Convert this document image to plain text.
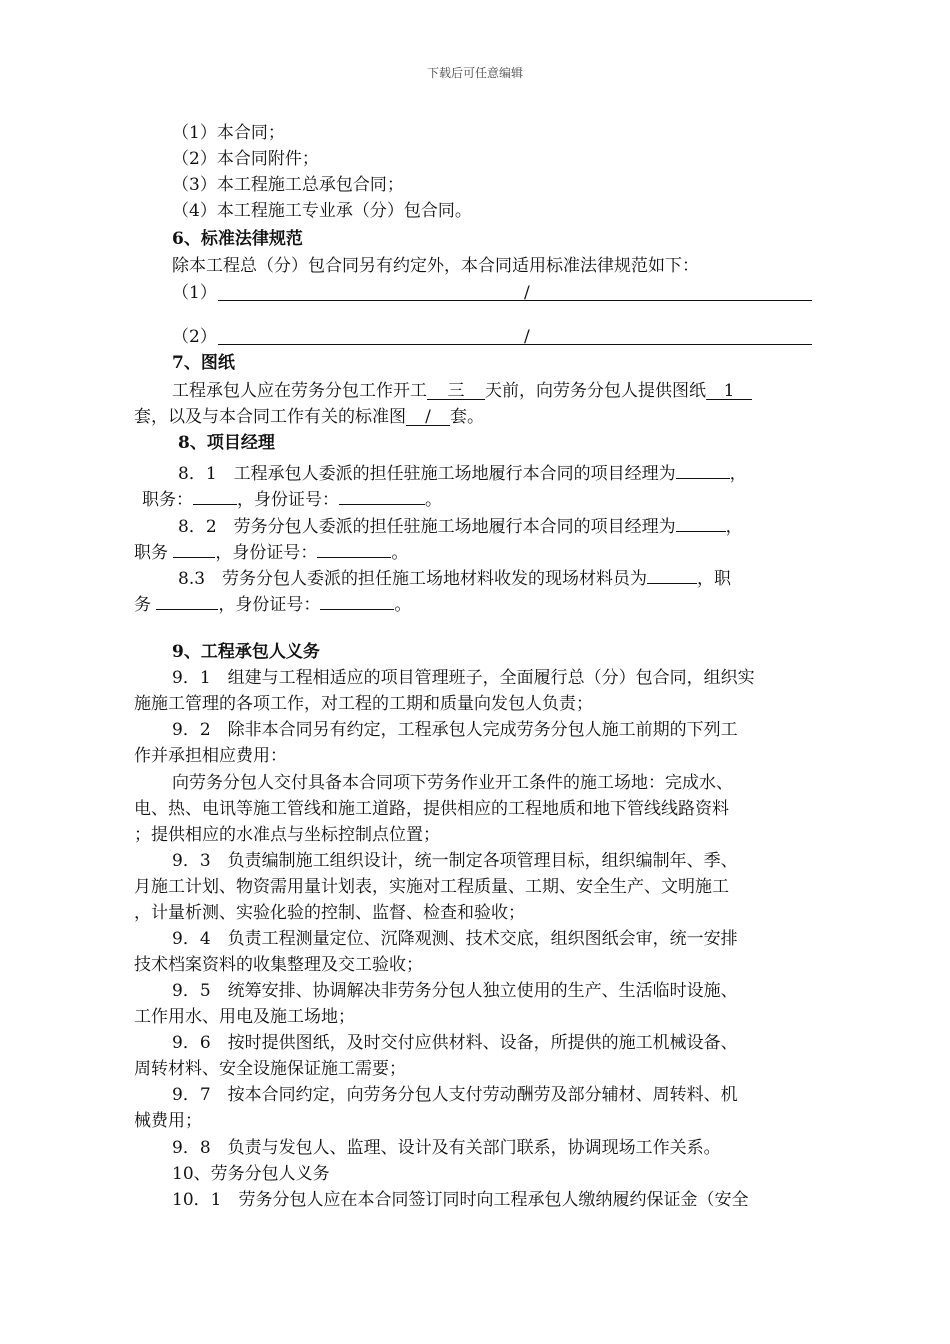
下载后可任意编辑
（1）本合同；
（2）本合同附件；
（3）本工程施工总承包合同；
（4）本工程施工专业承（分）包合同。
6、标准法律规范
除本工程总（分）包合同另有约定外，本合同适用标准法律规范如下：
（1）	/
（2）	/
7、图纸
工程承包人应在劳务分包工作开工 三 天前，向劳务分包人提供图纸 1
套，以及与本合同工作有关的标准图 / 套。
8、项目经理
8．1　工程承包人委派的担任驻施工场地履行本合同的项目经理为	，
职务：	，身份证号：	。
8．2　劳务分包人委派的担任驻施工场地履行本合同的项目经理为	，
职务	，身份证号：	。
8.3　劳务分包人委派的担任施工场地材料收发的现场材料员为	，职
务	，身份证号：	。
9、工程承包人义务
9．1　组建与工程相适应的项目管理班子，全面履行总（分）包合同，组织实
施施工管理的各项工作，对工程的工期和质量向发包人负责；
9．2　除非本合同另有约定，工程承包人完成劳务分包人施工前期的下列工
作并承担相应费用：
向劳务分包人交付具备本合同项下劳务作业开工条件的施工场地：完成水、
电、热、电讯等施工管线和施工道路，提供相应的工程地质和地下管线线路资料
；提供相应的水准点与坐标控制点位置；
9．3　负责编制施工组织设计，统一制定各项管理目标，组织编制年、季、
月施工计划、物资需用量计划表，实施对工程质量、工期、安全生产、文明施工
，计量析测、实验化验的控制、监督、检查和验收；
9．4　负责工程测量定位、沉降观测、技术交底，组织图纸会审，统一安排
技术档案资料的收集整理及交工验收；
9．5　统筹安排、协调解决非劳务分包人独立使用的生产、生活临时设施、
工作用水、用电及施工场地；
9．6　按时提供图纸，及时交付应供材料、设备，所提供的施工机械设备、
周转材料、安全设施保证施工需要；
9．7　按本合同约定，向劳务分包人支付劳动酬劳及部分辅材、周转料、机
械费用；
9．8　负责与发包人、监理、设计及有关部门联系，协调现场工作关系。
10、劳务分包人义务
10．1　劳务分包人应在本合同签订同时向工程承包人缴纳履约保证金（安全
